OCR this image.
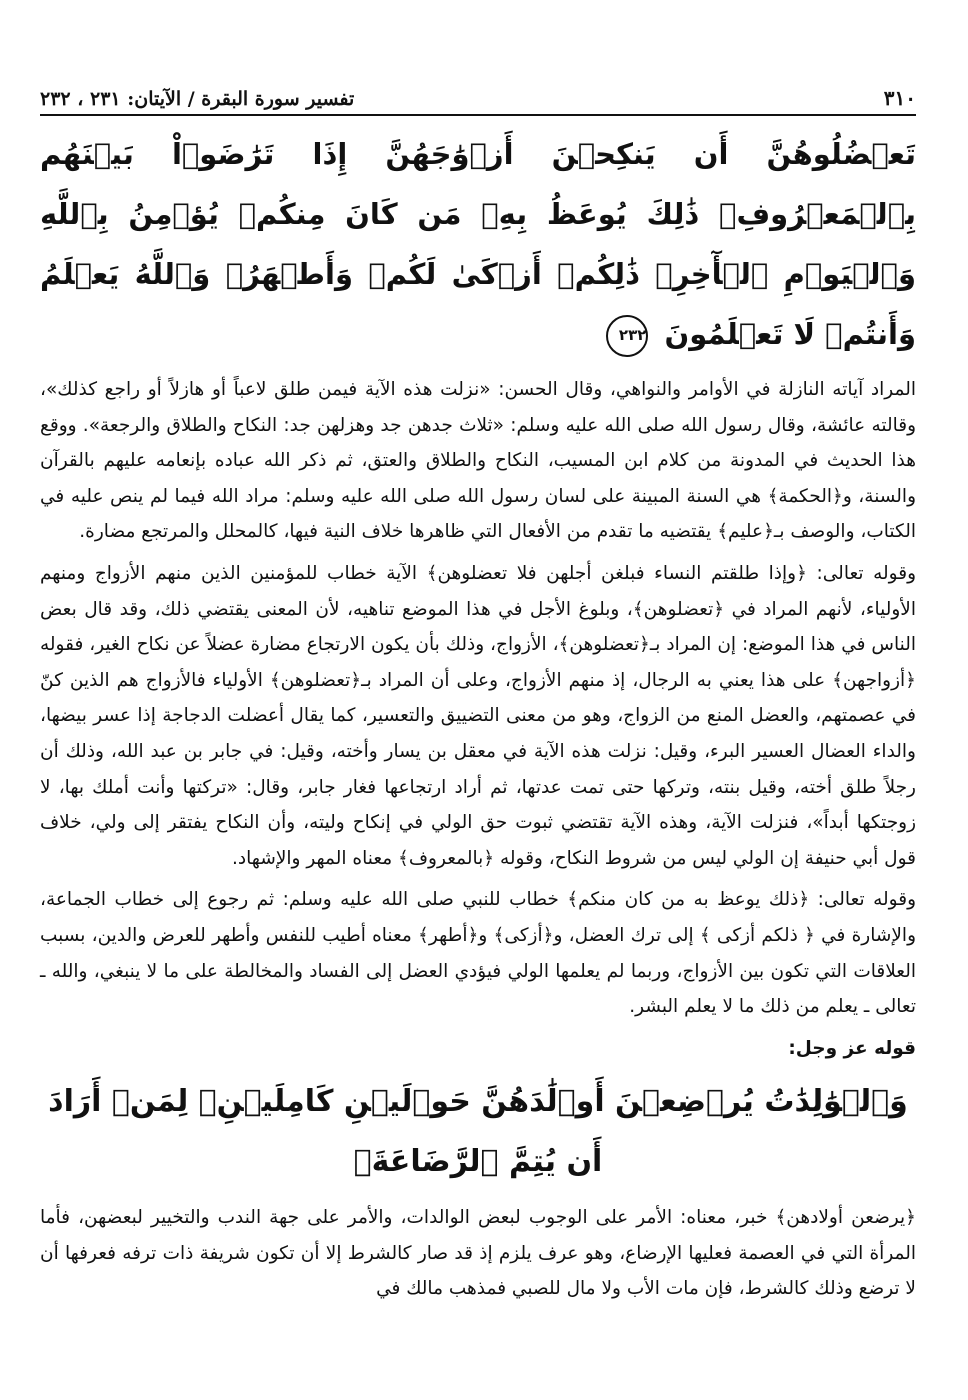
تفسير سورة البقرة / الآيتان: ٢٣١ ، ٢٣٢	٣١٠
تَعۡضُلُوهُنَّ أَن يَنكِحۡنَ أَزۡوَٰجَهُنَّ إِذَا تَرَٰضَوۡاْ بَيۡنَهُم بِٱلۡمَعۡرُوفِۗ ذَٰلِكَ يُوعَظُ بِهِۦ مَن كَانَ مِنكُمۡ يُؤۡمِنُ بِٱللَّهِ وَٱلۡيَوۡمِ ٱلۡأٓخِرِۗ ذَٰلِكُمۡ أَزۡكَىٰ لَكُمۡ وَأَطۡهَرُۚ وَٱللَّهُ يَعۡلَمُ وَأَنتُمۡ لَا تَعۡلَمُونَ ٢٣٢

المراد آياته النازلة في الأوامر والنواهي، وقال الحسن: «نزلت هذه الآية فيمن طلق لاعباً أو هازلاً أو راجع كذلك»، وقالته عائشة، وقال رسول الله صلى الله عليه وسلم: «ثلاث جدهن جد وهزلهن جد: النكاح والطلاق والرجعة». ووقع هذا الحديث في المدونة من كلام ابن المسيب، النكاح والطلاق والعتق، ثم ذكر الله عباده بإنعامه عليهم بالقرآن والسنة، و﴿الحكمة﴾ هي السنة المبينة على لسان رسول الله صلى الله عليه وسلم: مراد الله فيما لم ينص عليه في الكتاب، والوصف بـ﴿عليم﴾ يقتضيه ما تقدم من الأفعال التي ظاهرها خلاف النية فيها، كالمحلل والمرتجع مضارة.

وقوله تعالى: ﴿وإذا طلقتم النساء فبلغن أجلهن فلا تعضلوهن﴾ الآية خطاب للمؤمنين الذين منهم الأزواج ومنهم الأولياء، لأنهم المراد في ﴿تعضلوهن﴾، وبلوغ الأجل في هذا الموضع تناهيه، لأن المعنى يقتضي ذلك، وقد قال بعض الناس في هذا الموضع: إن المراد بـ﴿تعضلوهن﴾، الأزواج، وذلك بأن يكون الارتجاع مضارة عضلاً عن نكاح الغير، فقوله ﴿أزواجهن﴾ على هذا يعني به الرجال، إذ منهم الأزواج، وعلى أن المراد بـ﴿تعضلوهن﴾ الأولياء فالأزواج هم الذين كنّ في عصمتهم، والعضل المنع من الزواج، وهو من معنى التضييق والتعسير، كما يقال أعضلت الدجاجة إذا عسر بيضها، والداء العضال العسير البرء، وقيل: نزلت هذه الآية في معقل بن يسار وأخته، وقيل: في جابر بن عبد الله، وذلك أن رجلاً طلق أخته، وقيل بنته، وتركها حتى تمت عدتها، ثم أراد ارتجاعها فغار جابر، وقال: «تركتها وأنت أملك بها، لا زوجتكها أبداً»، فنزلت الآية، وهذه الآية تقتضي ثبوت حق الولي في إنكاح وليته، وأن النكاح يفتقر إلى ولي، خلاف قول أبي حنيفة إن الولي ليس من شروط النكاح، وقوله ﴿بالمعروف﴾ معناه المهر والإشهاد.

وقوله تعالى: ﴿ذلك يوعظ به من كان منكم﴾ خطاب للنبي صلى الله عليه وسلم: ثم رجوع إلى خطاب الجماعة، والإشارة في ﴿ ذلكم أزكى ﴾ إلى ترك العضل، و﴿أزكى﴾ و﴿أطهر﴾ معناه أطيب للنفس وأطهر للعرض والدين، بسبب العلاقات التي تكون بين الأزواج، وربما لم يعلمها الولي فيؤدي العضل إلى الفساد والمخالطة على ما لا ينبغي، والله ـ تعالى ـ يعلم من ذلك ما لا يعلم البشر.

قوله عز وجل:

وَٱلۡوَٰلِدَٰتُ يُرۡضِعۡنَ أَوۡلَٰدَهُنَّ حَوۡلَيۡنِ كَامِلَيۡنِۖ لِمَنۡ أَرَادَ أَن يُتِمَّ ٱلرَّضَاعَةَۚ

﴿يرضعن أولادهن﴾ خبر، معناه: الأمر على الوجوب لبعض الوالدات، والأمر على جهة الندب والتخيير لبعضهن، فأما المرأة التي في العصمة فعليها الإرضاع، وهو عرف يلزم إذ قد صار كالشرط إلا أن تكون شريفة ذات ترفه فعرفها أن لا ترضع وذلك كالشرط، فإن مات الأب ولا مال للصبي فمذهب مالك في
